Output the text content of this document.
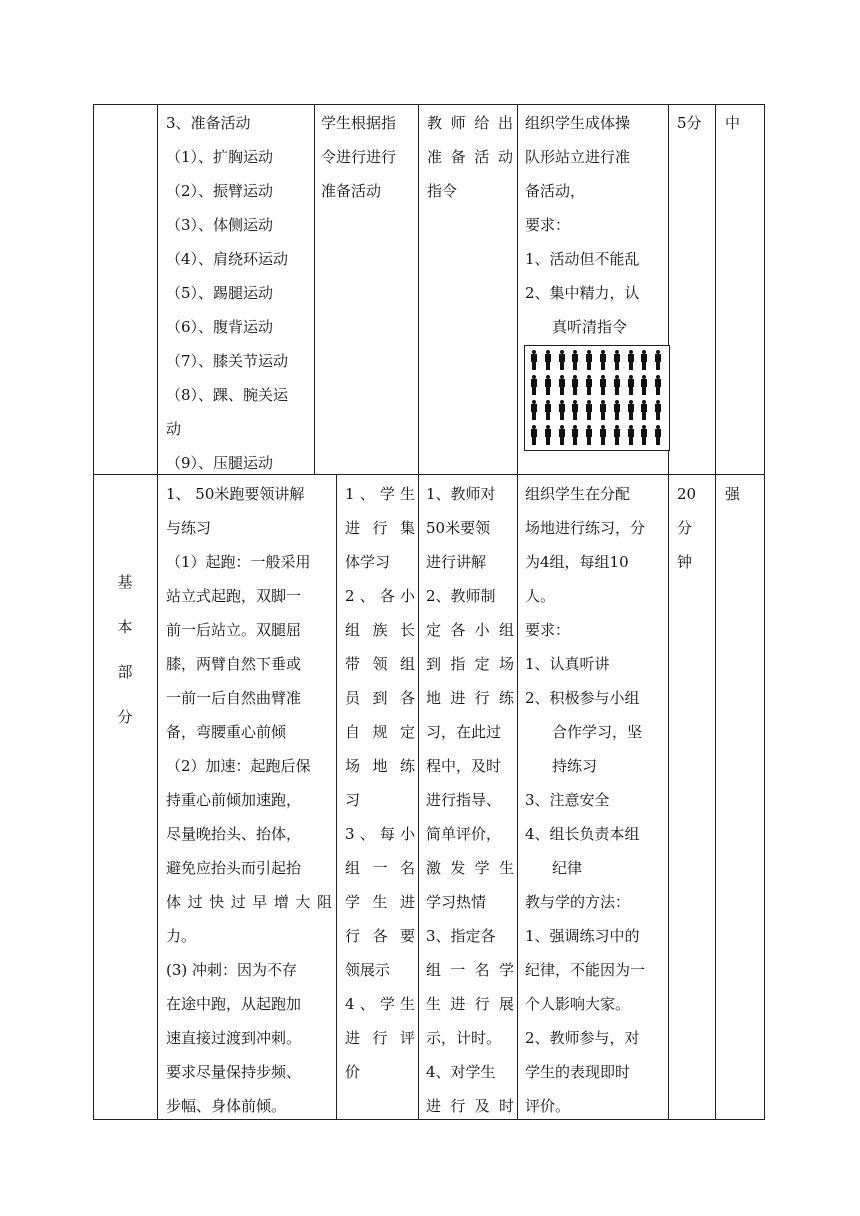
3、准备活动
（1）、扩胸运动
（2）、振臂运动
（3）、体侧运动
（4）、肩绕环运动
（5）、踢腿运动
（6）、腹背运动
（7）、膝关节运动
（8）、踝、腕关运
动
（9）、压腿运动
学生根据指
令进行进行
准备活动
教师给出
准备活动
指令
组织学生成体操
队形站立进行准
备活动，
要求：
1、活动但不能乱
2、集中精力，认
真听清指令
5分	中
基
本
部
分
1、 50米跑要领讲解
与练习
（1）起跑：一般采用
站立式起跑，双脚一
前一后站立。双腿屈
膝，两臂自然下垂或
一前一后自然曲臂准
备，弯腰重心前倾
（2）加速：起跑后保
持重心前倾加速跑，
尽量晚抬头、抬体，
避免应抬头而引起抬
体过快过早增大阻
力。
(3) 冲刺：因为不存
在途中跑，从起跑加
速直接过渡到冲刺。
要求尽量保持步频、
步幅、身体前倾。
1、学生
进行集
体学习
2、各小
组族长
带领组
员到各
自规定
场地练
习
3、每小
组一名
学生进
行各要
领展示
4、学生
进行评
价
1、教师对
50米要领
进行讲解
2、教师制
定各小组
到指定场
地进行练
习，在此过
程中，及时
进行指导、
简单评价，
激发学生
学习热情
3、指定各
组一名学
生进行展
示，计时。
4、对学生
进行及时
组织学生在分配
场地进行练习，分
为4组，每组10
人。
要求：
1、认真听讲
2、积极参与小组
合作学习，坚
持练习
3、注意安全
4、组长负责本组
纪律
教与学的方法：
1、强调练习中的
纪律，不能因为一
个人影响大家。
2、教师参与，对
学生的表现即时
评价。
20
分
钟
强
